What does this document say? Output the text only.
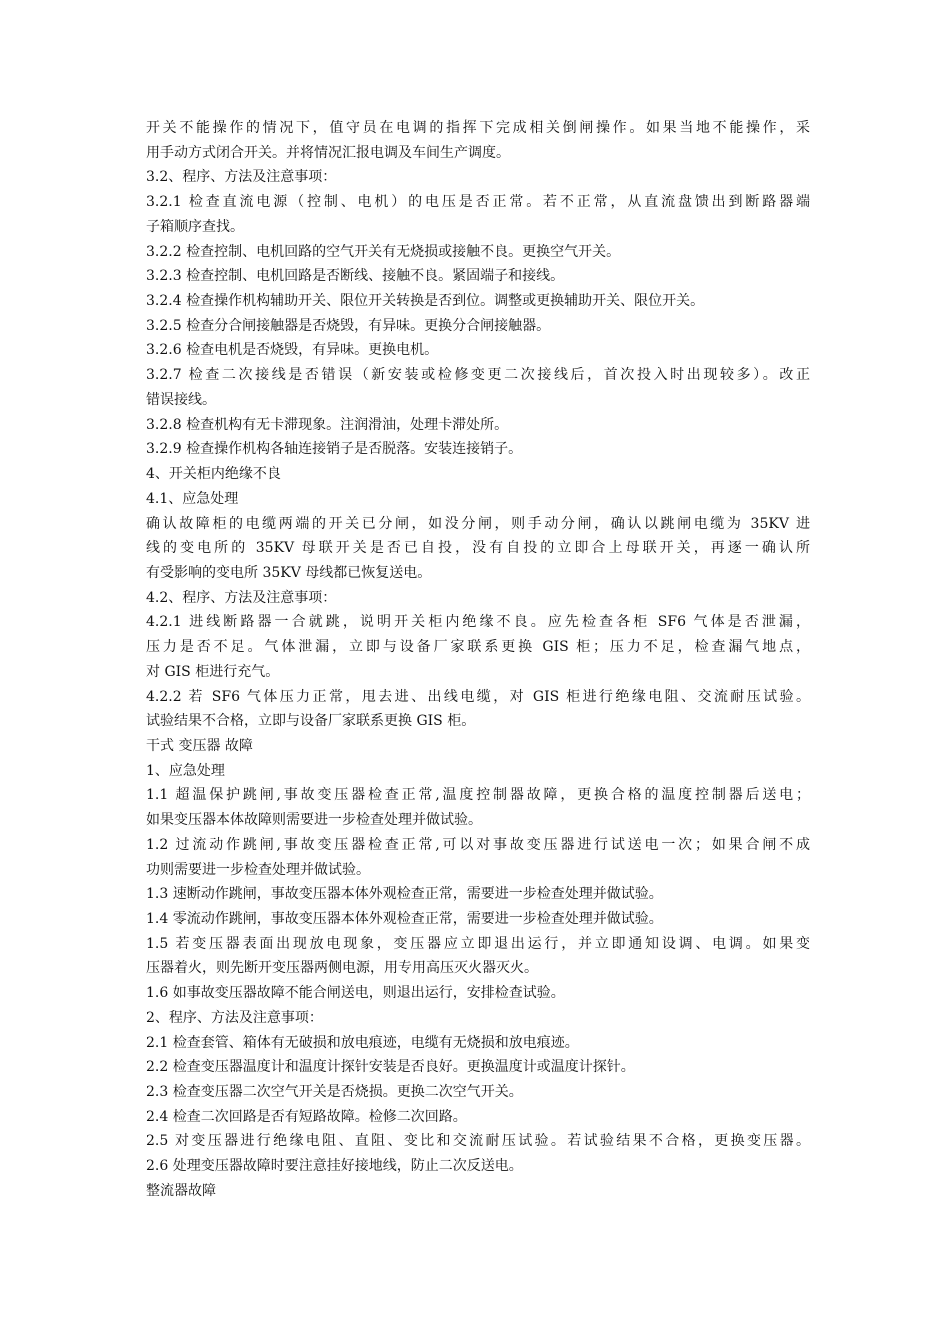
开关不能操作的情况下，值守员在电调的指挥下完成相关倒闸操作。如果当地不能操作，采
用手动方式闭合开关。并将情况汇报电调及车间生产调度。
3.2、程序、方法及注意事项：
3.2.1 检查直流电源（控制、电机）的电压是否正常。若不正常，从直流盘馈出到断路器端
子箱顺序查找。
3.2.2 检查控制、电机回路的空气开关有无烧损或接触不良。更换空气开关。
3.2.3 检查控制、电机回路是否断线、接触不良。紧固端子和接线。
3.2.4 检查操作机构辅助开关、限位开关转换是否到位。调整或更换辅助开关、限位开关。
3.2.5 检查分合闸接触器是否烧毁，有异味。更换分合闸接触器。
3.2.6 检查电机是否烧毁，有异味。更换电机。
3.2.7 检查二次接线是否错误（新安装或检修变更二次接线后，首次投入时出现较多）。改正
错误接线。
3.2.8 检查机构有无卡滞现象。注润滑油，处理卡滞处所。
3.2.9 检查操作机构各轴连接销子是否脱落。安装连接销子。
4、开关柜内绝缘不良
4.1、应急处理
确认故障柜的电缆两端的开关已分闸，如没分闸，则手动分闸，确认以跳闸电缆为 35KV 进
线的变电所的 35KV 母联开关是否已自投，没有自投的立即合上母联开关，再逐一确认所
有受影响的变电所 35KV 母线都已恢复送电。
4.2、程序、方法及注意事项：
4.2.1 进线断路器一合就跳，说明开关柜内绝缘不良。应先检查各柜 SF6 气体是否泄漏，
压力是否不足。气体泄漏，立即与设备厂家联系更换 GIS 柜；压力不足，检查漏气地点，
对 GIS 柜进行充气。
4.2.2 若 SF6 气体压力正常，甩去进、出线电缆，对 GIS 柜进行绝缘电阻、交流耐压试验。
试验结果不合格，立即与设备厂家联系更换 GIS 柜。
干式 变压器 故障
1、应急处理
1.1 超温保护跳闸,事故变压器检查正常,温度控制器故障，更换合格的温度控制器后送电；
如果变压器本体故障则需要进一步检查处理并做试验。
1.2 过流动作跳闸,事故变压器检查正常,可以对事故变压器进行试送电一次；如果合闸不成
功则需要进一步检查处理并做试验。
1.3 速断动作跳闸，事故变压器本体外观检查正常，需要进一步检查处理并做试验。
1.4 零流动作跳闸，事故变压器本体外观检查正常，需要进一步检查处理并做试验。
1.5 若变压器表面出现放电现象，变压器应立即退出运行，并立即通知设调、电调。如果变
压器着火，则先断开变压器两侧电源，用专用高压灭火器灭火。
1.6 如事故变压器故障不能合闸送电，则退出运行，安排检查试验。
2、程序、方法及注意事项：
2.1 检查套管、箱体有无破损和放电痕迹，电缆有无烧损和放电痕迹。
2.2 检查变压器温度计和温度计探针安装是否良好。更换温度计或温度计探针。
2.3 检查变压器二次空气开关是否烧损。更换二次空气开关。
2.4 检查二次回路是否有短路故障。检修二次回路。
2.5 对变压器进行绝缘电阻、直阻、变比和交流耐压试验。若试验结果不合格，更换变压器。
2.6 处理变压器故障时要注意挂好接地线，防止二次反送电。
整流器故障
